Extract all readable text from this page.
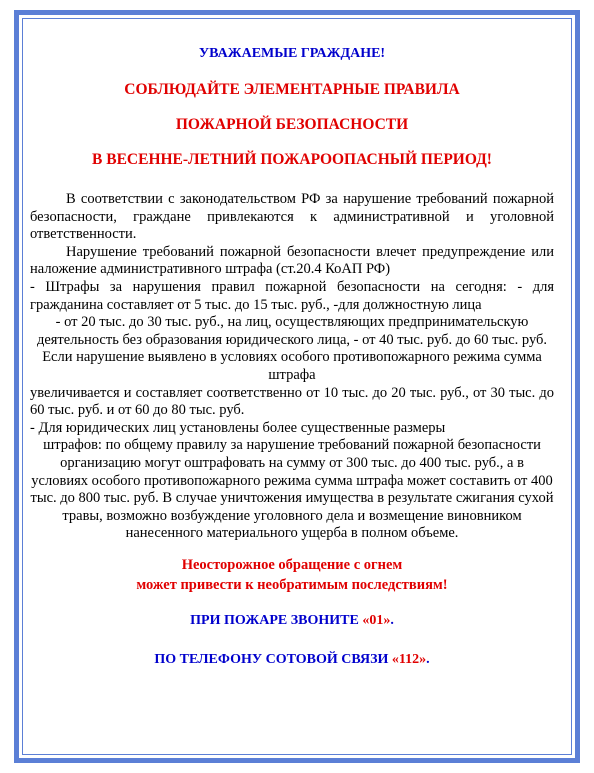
УВАЖАЕМЫЕ ГРАЖДАНЕ!

СОБЛЮДАЙТЕ ЭЛЕМЕНТАРНЫЕ ПРАВИЛА

ПОЖАРНОЙ БЕЗОПАСНОСТИ

В ВЕСЕННЕ-ЛЕТНИЙ ПОЖАРООПАСНЫЙ ПЕРИОД!

В соответствии с законодательством РФ за нарушение требований пожарной безопасности, граждане привлекаются к административной и уголовной ответственности.

Нарушение требований пожарной безопасности влечет предупреждение или наложение административного штрафа (ст.20.4 КоАП РФ)

- Штрафы за нарушения правил пожарной безопасности на сегодня: - для гражданина составляет от 5 тыс. до 15 тыс. руб., -для должностную лица

- от 20 тыс. до 30 тыс. руб., на лиц, осуществляющих предпринимательскую деятельность без образования юридического лица, - от 40 тыс. руб. до 60 тыс. руб. Если нарушение выявлено в условиях особого противопожарного режима сумма штрафа

увеличивается и составляет соответственно от 10 тыс. до 20 тыс. руб., от 30 тыс. до 60 тыс. руб. и от 60 до 80 тыс. руб.

- Для юридических лиц установлены более существенные размеры

штрафов: по общему правилу за нарушение требований пожарной безопасности организацию могут оштрафовать на сумму от 300 тыс. до 400 тыс. руб., а в условиях особого противопожарного режима сумма штрафа может составить от 400 тыс. до 800 тыс. руб. В случае уничтожения имущества в результате сжигания сухой травы, возможно возбуждение уголовного дела и возмещение виновником нанесенного материального ущерба в полном объеме.

Неосторожное обращение с огнем

может привести к необратимым последствиям!

ПРИ ПОЖАРЕ ЗВОНИТЕ «01».

ПО ТЕЛЕФОНУ СОТОВОЙ СВЯЗИ «112».
